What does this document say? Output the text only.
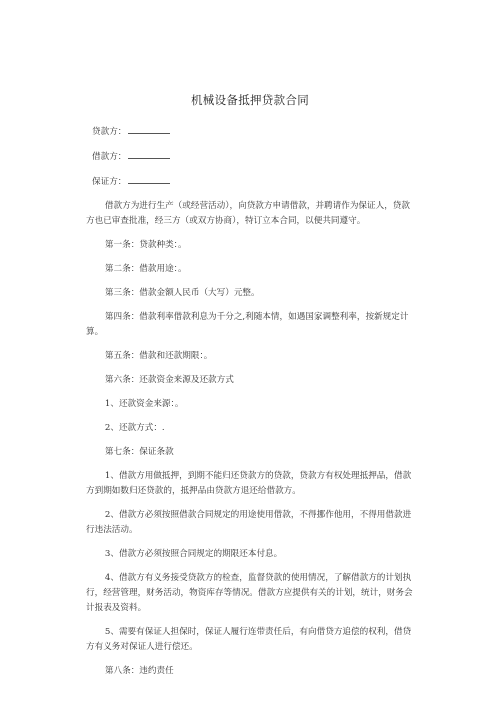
机械设备抵押贷款合同
贷款方：
借款方：
保证方：

借款方为进行生产（或经营活动），向贷款方申请借款，并聘请作为保证人，贷款方也已审查批准，经三方（或双方协商），特订立本合同，以便共同遵守。

第一条：贷款种类：。

第二条：借款用途：。

第三条：借款金额人民币（大写）元整。

第四条：借款利率借款利息为千分之,利随本情，如遇国家调整利率，按新规定计算。

第五条：借款和还款期限：。

第六条：还款资金来源及还款方式

1、还款资金来源：。

2、还款方式：.

第七条：保证条款

1、借款方用做抵押，到期不能归还贷款方的贷款，贷款方有权处理抵押品，借款方到期如数归还贷款的，抵押品由贷款方退还给借款方。

2、借款方必须按照借款合同规定的用途使用借款，不得挪作他用，不得用借款进行违法活动。

3、借款方必须按照合同规定的期限还本付息。

4、借款方有义务接受贷款方的检查，监督贷款的使用情况，了解借款方的计划执行，经营管理，财务活动，物资库存等情况。借款方应提供有关的计划，统计，财务会计报表及资料。

5、需要有保证人担保时，保证人履行连带责任后，有向借贷方追偿的权利，借贷方有义务对保证人进行偿还。

第八条：违约责任
